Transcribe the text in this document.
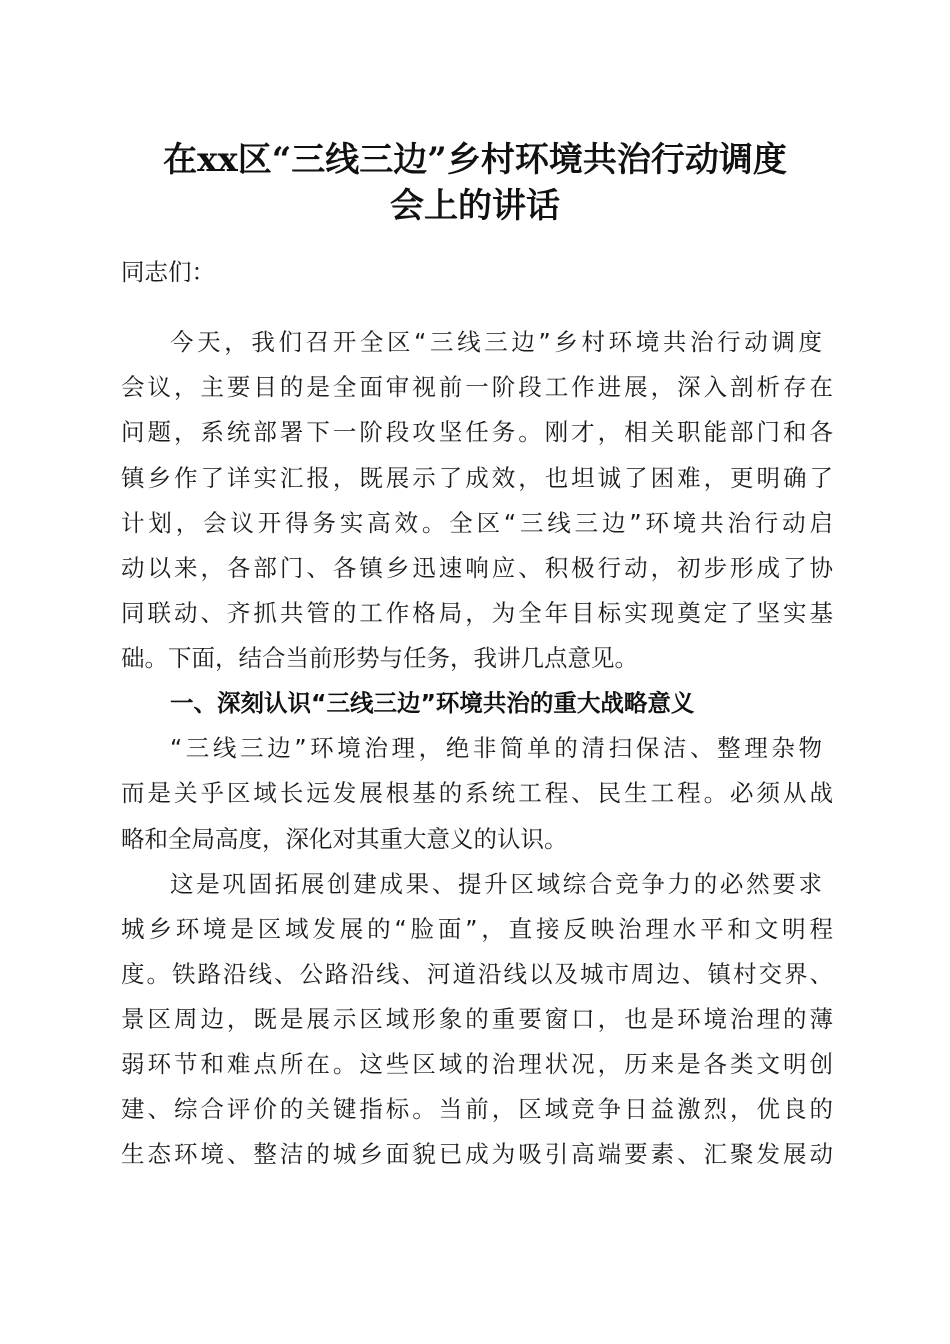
在xx区“三线三边”乡村环境共治行动调度
会上的讲话

同志们：

今天，我们召开全区“三线三边”乡村环境共治行动调度

会议，主要目的是全面审视前一阶段工作进展，深入剖析存在

问题，系统部署下一阶段攻坚任务。刚才，相关职能部门和各

镇乡作了详实汇报，既展示了成效，也坦诚了困难，更明确了

计划，会议开得务实高效。全区“三线三边”环境共治行动启

动以来，各部门、各镇乡迅速响应、积极行动，初步形成了协

同联动、齐抓共管的工作格局，为全年目标实现奠定了坚实基

础。下面，结合当前形势与任务，我讲几点意见。

一、深刻认识“三线三边”环境共治的重大战略意义

“三线三边”环境治理，绝非简单的清扫保洁、整理杂物

而是关乎区域长远发展根基的系统工程、民生工程。必须从战

略和全局高度，深化对其重大意义的认识。

这是巩固拓展创建成果、提升区域综合竞争力的必然要求

城乡环境是区域发展的“脸面”，直接反映治理水平和文明程

度。铁路沿线、公路沿线、河道沿线以及城市周边、镇村交界、

景区周边，既是展示区域形象的重要窗口，也是环境治理的薄

弱环节和难点所在。这些区域的治理状况，历来是各类文明创

建、综合评价的关键指标。当前，区域竞争日益激烈，优良的

生态环境、整洁的城乡面貌已成为吸引高端要素、汇聚发展动
